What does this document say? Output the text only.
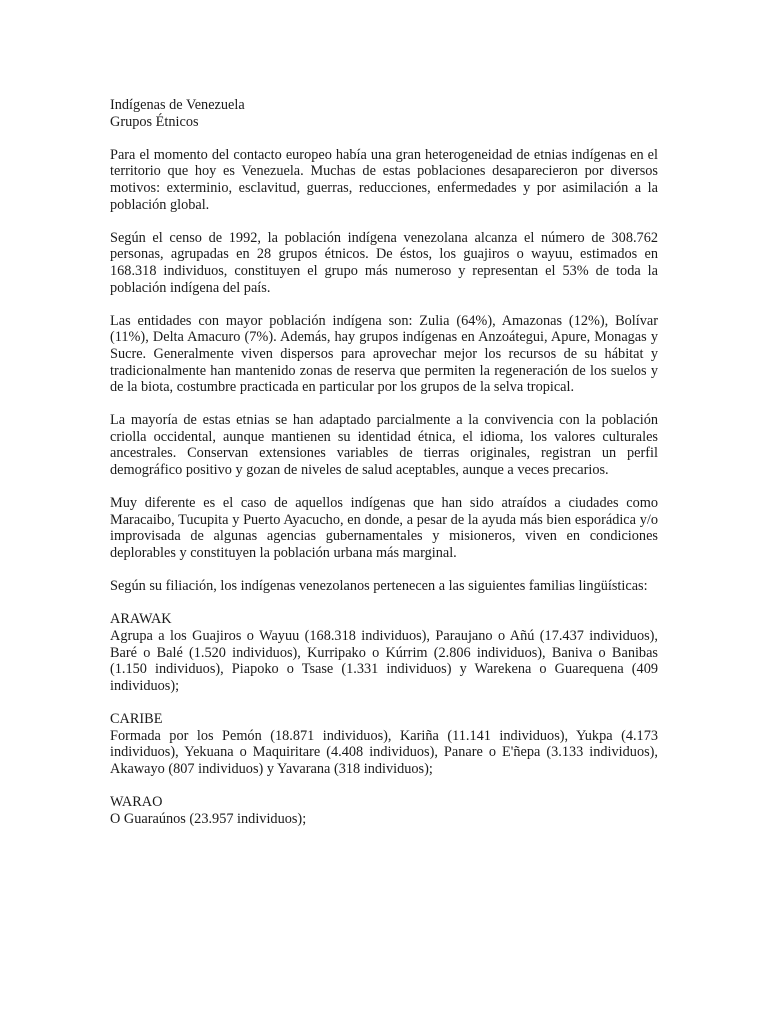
Indígenas de Venezuela
Grupos Étnicos

Para el momento del contacto europeo había una gran heterogeneidad de etnias indígenas en el territorio que hoy es Venezuela. Muchas de estas poblaciones desaparecieron por diversos motivos: exterminio, esclavitud, guerras, reducciones, enfermedades y por asimilación a la población global.

Según el censo de 1992, la población indígena venezolana alcanza el número de 308.762 personas, agrupadas en 28 grupos étnicos. De éstos, los guajiros o wayuu, estimados en 168.318 individuos, constituyen el grupo más numeroso y representan el 53% de toda la población indígena del país.

Las entidades con mayor población indígena son: Zulia (64%), Amazonas (12%), Bolívar (11%), Delta Amacuro (7%). Además, hay grupos indígenas en Anzoátegui, Apure, Monagas y Sucre. Generalmente viven dispersos para aprovechar mejor los recursos de su hábitat y tradicionalmente han mantenido zonas de reserva que permiten la regeneración de los suelos y de la biota, costumbre practicada en particular por los grupos de la selva tropical.

La mayoría de estas etnias se han adaptado parcialmente a la convivencia con la población criolla occidental, aunque mantienen su identidad étnica, el idioma, los valores culturales ancestrales. Conservan extensiones variables de tierras originales, registran un perfil demográfico positivo y gozan de niveles de salud aceptables, aunque a veces precarios.

Muy diferente es el caso de aquellos indígenas que han sido atraídos a ciudades como Maracaibo, Tucupita y Puerto Ayacucho, en donde, a pesar de la ayuda más bien esporádica y/o improvisada de algunas agencias gubernamentales y misioneros, viven en condiciones deplorables y constituyen la población urbana más marginal.

Según su filiación, los indígenas venezolanos pertenecen a las siguientes familias lingüísticas:

ARAWAK
Agrupa a los Guajiros o Wayuu (168.318 individuos), Paraujano o Añú (17.437 individuos), Baré o Balé (1.520 individuos), Kurripako o Kúrrim (2.806 individuos), Baniva o Banibas (1.150 individuos), Piapoko o Tsase (1.331 individuos) y Warekena o Guarequena (409 individuos);
CARIBE
Formada por los Pemón (18.871 individuos), Kariña (11.141 individuos), Yukpa (4.173 individuos), Yekuana o Maquiritare (4.408 individuos), Panare o E'ñepa (3.133 individuos), Akawayo (807 individuos) y Yavarana (318 individuos);
WARAO
O Guaraúnos (23.957 individuos);
